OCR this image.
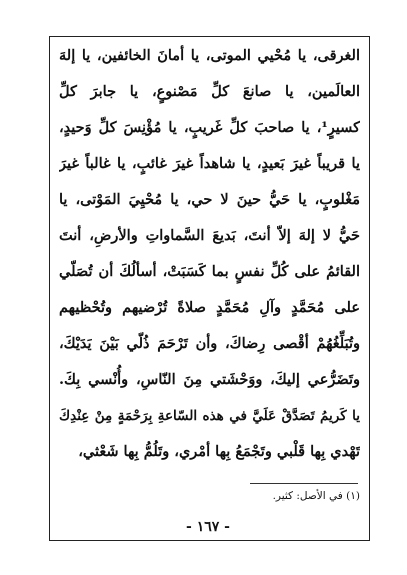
الغرقى، يا مُحْيي الموتى، يا أمانَ الخائفين، يا إلهَ
العالَمين، يا صانعَ كلِّ مَصْنوعٍ، يا جابرَ كلِّ
كسيرٍ¹، يا صاحبَ كلِّ غَريبٍ، يا مُؤْنِسَ كلِّ وَحيدٍ،
يا قريباً غيرَ بَعيدٍ، يا شاهداً غيرَ غائبٍ، يا غالباً غيرَ
مَغْلوبٍ، يا حَيُّ حينَ لا حي، يا مُحْيِيَ المَوْتى، يا
حَيُّ لا إلهَ إلاّ أنتَ، بَديعَ السَّماواتِ والأرضِ، أنتَ
القائمُ على كُلِّ نفسٍ بما كَسَبَتْ، أسألُكَ أن تُصَلّي
على مُحَمَّدٍ وآلِ مُحَمَّدٍ صلاةً تُرْضيهم وتُحْظيهم
وتُبَلِّغُهُمْ أقْصى رِضاكَ، وأن تَرْحَمَ ذُلّي بَيْنَ يَدَيْكَ،
وتَضَرُّعي إليكَ، ووَحْشَتي مِنَ النّاسِ، وأُنْسي بِكَ.
يا كَريمُ تَصَدَّقْ عَلَيَّ في هذه السّاعةِ بِرَحْمَةٍ مِنْ عِنْدِكَ
تَهْدي بِها قَلْبي وتَجْمَعُ بِها أمْري، وتَلُمُّ بِها شَعْثي،
(١) في الأصل: كثير.
- ١٦٧ -
